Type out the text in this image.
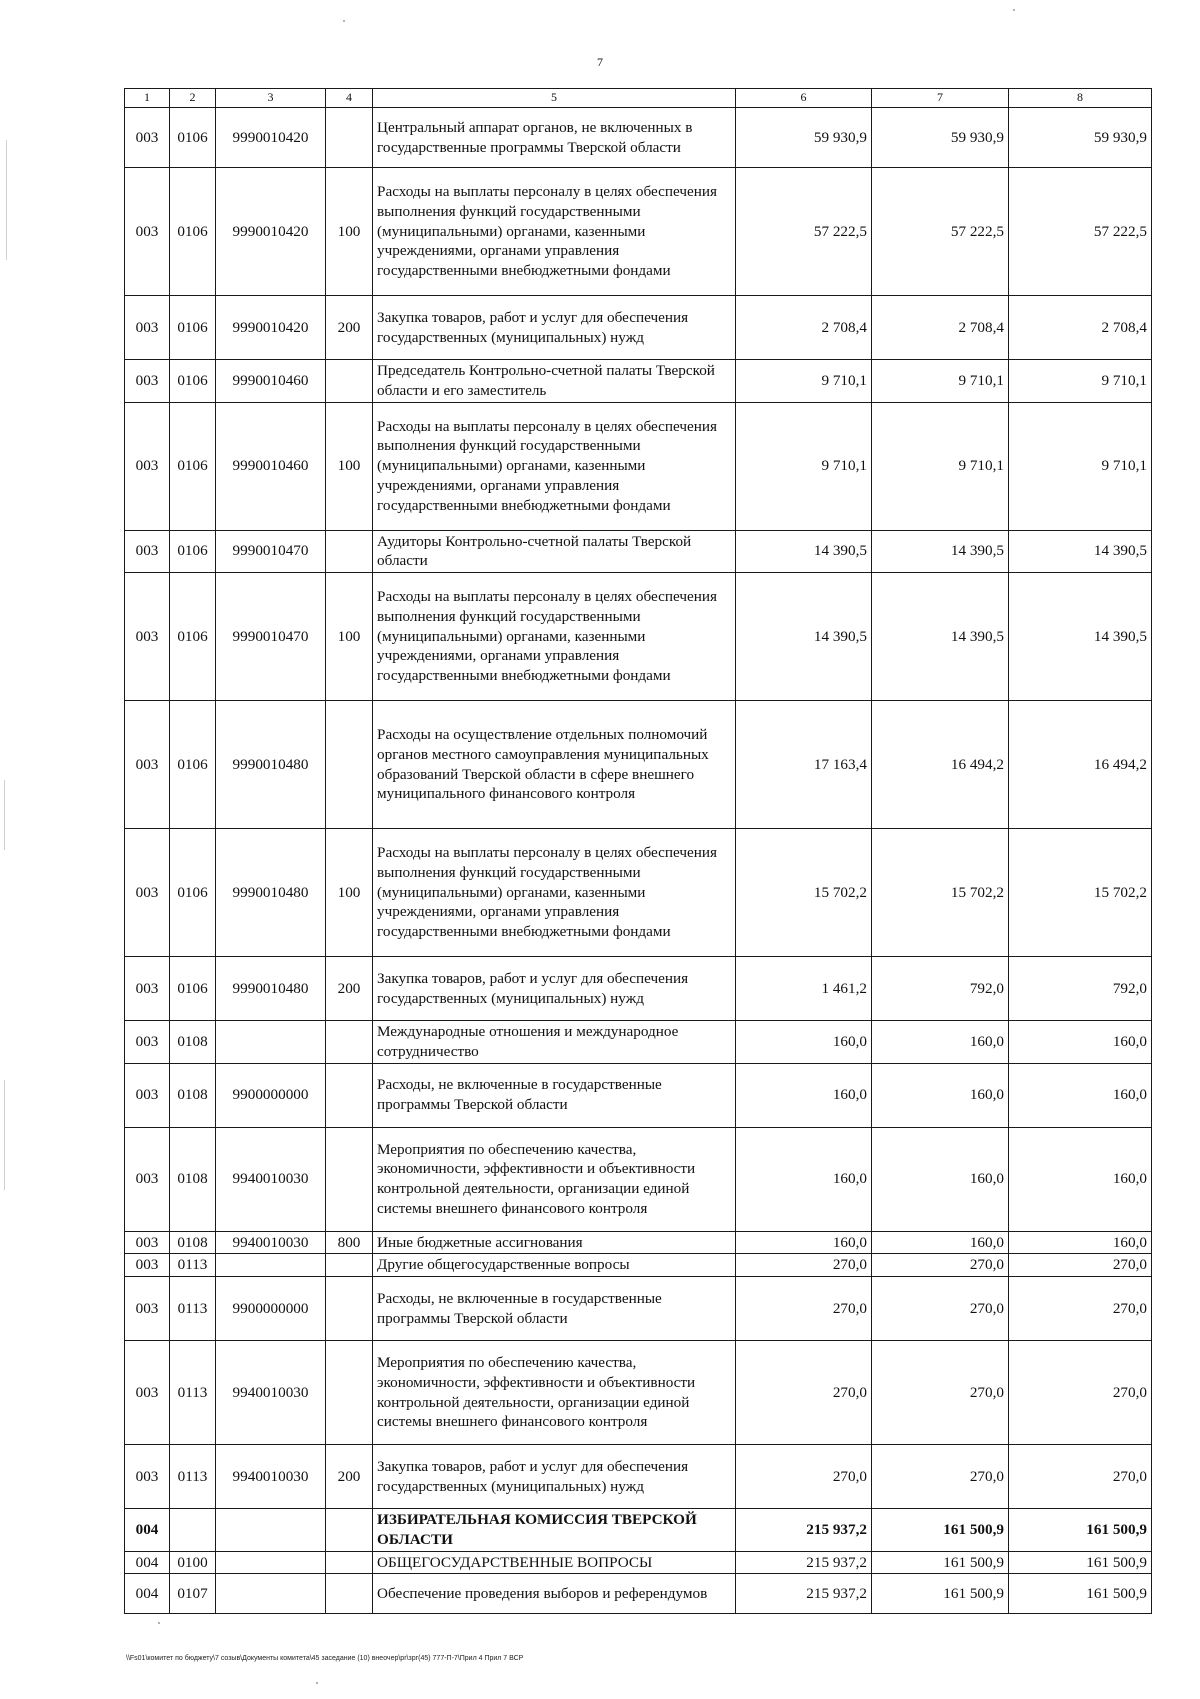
7
1	2	3	4	5	6	7	8
003	0106	9990010420		Центральный аппарат органов, не включенных в государственные программы Тверской области	59 930,9	59 930,9	59 930,9
003	0106	9990010420	100	Расходы на выплаты персоналу в целях обеспечения выполнения функций государственными (муниципальными) органами, казенными учреждениями, органами управления государственными внебюджетными фондами	57 222,5	57 222,5	57 222,5
003	0106	9990010420	200	Закупка товаров, работ и услуг для обеспечения государственных (муниципальных) нужд	2 708,4	2 708,4	2 708,4
003	0106	9990010460		Председатель Контрольно-счетной палаты Тверской области и его заместитель	9 710,1	9 710,1	9 710,1
003	0106	9990010460	100	Расходы на выплаты персоналу в целях обеспечения выполнения функций государственными (муниципальными) органами, казенными учреждениями, органами управления государственными внебюджетными фондами	9 710,1	9 710,1	9 710,1
003	0106	9990010470		Аудиторы Контрольно-счетной палаты Тверской области	14 390,5	14 390,5	14 390,5
003	0106	9990010470	100	Расходы на выплаты персоналу в целях обеспечения выполнения функций государственными (муниципальными) органами, казенными учреждениями, органами управления государственными внебюджетными фондами	14 390,5	14 390,5	14 390,5
003	0106	9990010480		Расходы на осуществление отдельных полномочий органов местного самоуправления муниципальных образований Тверской области в сфере внешнего муниципального финансового контроля	17 163,4	16 494,2	16 494,2
003	0106	9990010480	100	Расходы на выплаты персоналу в целях обеспечения выполнения функций государственными (муниципальными) органами, казенными учреждениями, органами управления государственными внебюджетными фондами	15 702,2	15 702,2	15 702,2
003	0106	9990010480	200	Закупка товаров, работ и услуг для обеспечения государственных (муниципальных) нужд	1 461,2	792,0	792,0
003	0108			Международные отношения и международное сотрудничество	160,0	160,0	160,0
003	0108	9900000000		Расходы, не включенные в государственные программы Тверской области	160,0	160,0	160,0
003	0108	9940010030		Мероприятия по обеспечению качества, экономичности, эффективности и объективности контрольной деятельности, организации единой системы внешнего финансового контроля	160,0	160,0	160,0
003	0108	9940010030	800	Иные бюджетные ассигнования	160,0	160,0	160,0
003	0113			Другие общегосударственные вопросы	270,0	270,0	270,0
003	0113	9900000000		Расходы, не включенные в государственные программы Тверской области	270,0	270,0	270,0
003	0113	9940010030		Мероприятия по обеспечению качества, экономичности, эффективности и объективности контрольной деятельности, организации единой системы внешнего финансового контроля	270,0	270,0	270,0
003	0113	9940010030	200	Закупка товаров, работ и услуг для обеспечения государственных (муниципальных) нужд	270,0	270,0	270,0
004				ИЗБИРАТЕЛЬНАЯ КОМИССИЯ ТВЕРСКОЙ ОБЛАСТИ	215 937,2	161 500,9	161 500,9
004	0100			ОБЩЕГОСУДАРСТВЕННЫЕ ВОПРОСЫ	215 937,2	161 500,9	161 500,9
004	0107			Обеспечение проведения выборов и референдумов	215 937,2	161 500,9	161 500,9
\\Fs01\комитет по бюджету\7 созыв\Документы комитета\45 заседание (10) внеочер\pr\зрг(45) 777-П-7\Прил 4 Прил 7 ВСР
